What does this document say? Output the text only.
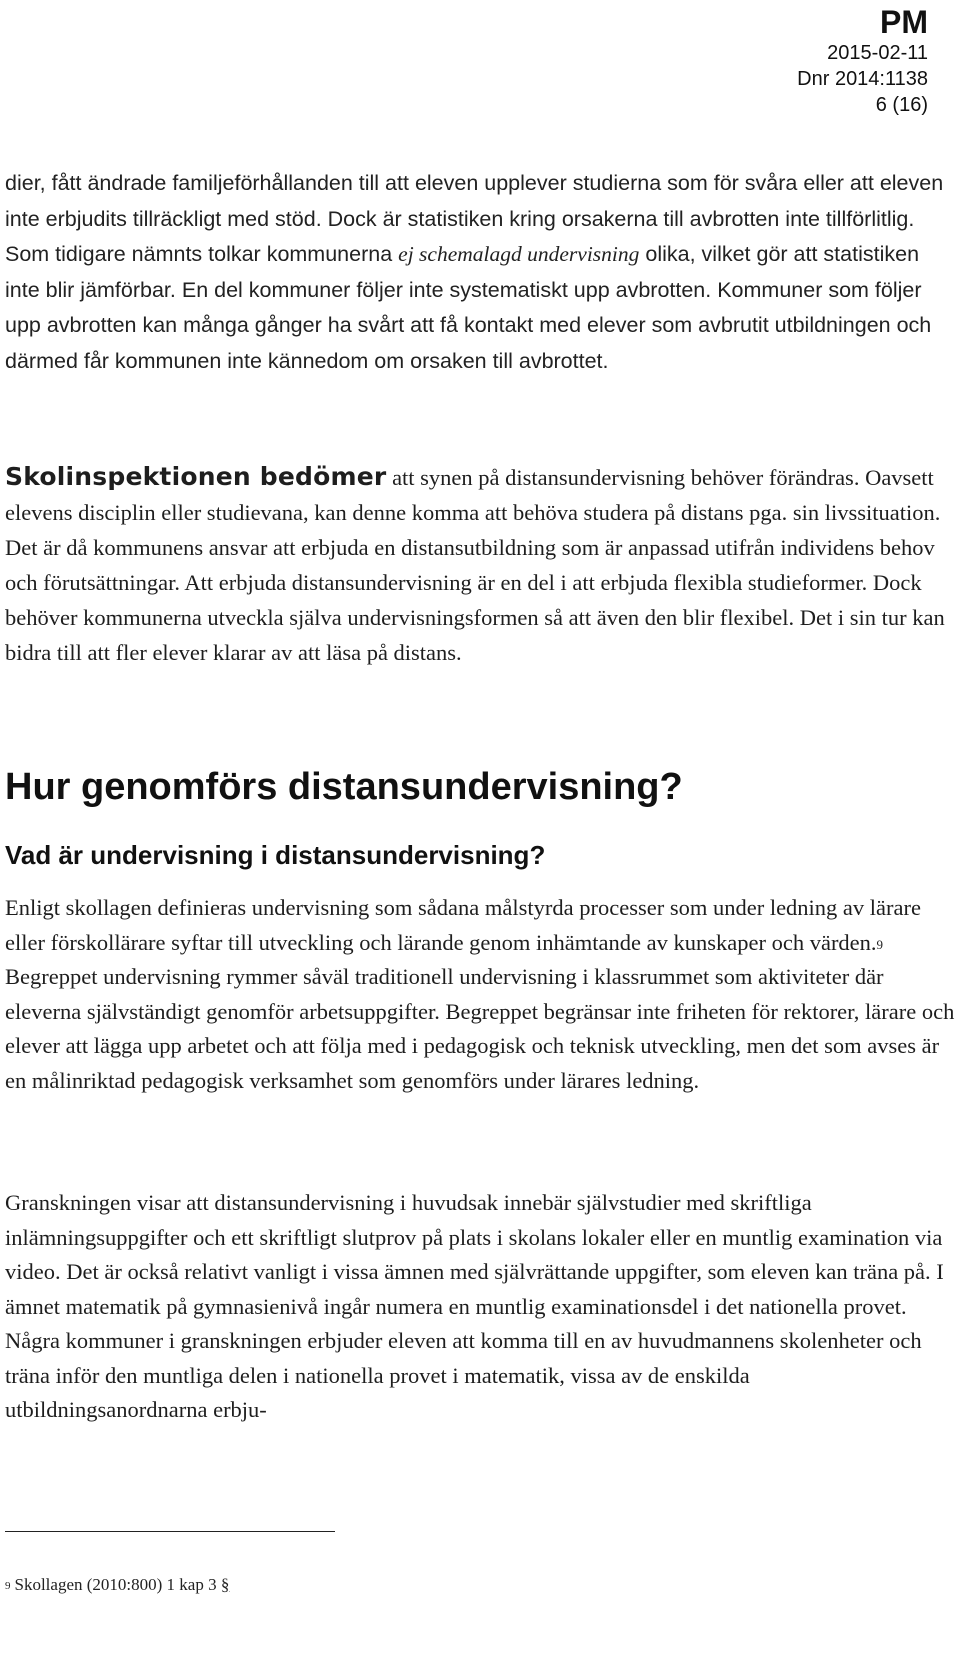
PM
2015-02-11
Dnr 2014:1138
6 (16)

dier, fått ändrade familjeförhållanden till att eleven upplever studierna som för svåra eller att eleven inte erbjudits tillräckligt med stöd. Dock är statistiken kring orsakerna till avbrotten inte tillförlitlig. Som tidigare nämnts tolkar kommunerna ej schemalagd undervisning olika, vilket gör att statistiken inte blir jämförbar. En del kommuner följer inte systematiskt upp avbrotten. Kommuner som följer upp avbrotten kan många gånger ha svårt att få kontakt med elever som avbrutit utbildningen och därmed får kommunen inte kännedom om orsaken till avbrottet.

Skolinspektionen bedömer att synen på distansundervisning behöver förändras. Oavsett elevens disciplin eller studievana, kan denne komma att behöva studera på distans pga. sin livssituation. Det är då kommunens ansvar att erbjuda en distansutbildning som är anpassad utifrån individens behov och förutsättningar. Att erbjuda distansundervisning är en del i att erbjuda flexibla studieformer. Dock behöver kommunerna utveckla själva undervisningsformen så att även den blir flexibel. Det i sin tur kan bidra till att fler elever klarar av att läsa på distans.

Hur genomförs distansundervisning?
Vad är undervisning i distansundervisning?

Enligt skollagen definieras undervisning som sådana målstyrda processer som under ledning av lärare eller förskollärare syftar till utveckling och lärande genom inhämtande av kunskaper och värden.$^9$ Begreppet undervisning rymmer såväl traditionell undervisning i klassrummet som aktiviteter där eleverna självständigt genomför arbetsuppgifter. Begreppet begränsar inte friheten för rektorer, lärare och elever att lägga upp arbetet och att följa med i pedagogisk och teknisk utveckling, men det som avses är en målinriktad pedagogisk verksamhet som genomförs under lärares ledning.

Granskningen visar att distansundervisning i huvudsak innebär självstudier med skriftliga inlämningsuppgifter och ett skriftligt slutprov på plats i skolans lokaler eller en muntlig examination via video. Det är också relativt vanligt i vissa ämnen med självrättande uppgifter, som eleven kan träna på. I ämnet matematik på gymnasienivå ingår numera en muntlig examinationsdel i det nationella provet. Några kommuner i granskningen erbjuder eleven att komma till en av huvudmannens skolenheter och träna inför den muntliga delen i nationella provet i matematik, vissa av de enskilda utbildningsanordnarna erbju-

$^9$ Skollagen (2010:800) 1 kap 3 §
